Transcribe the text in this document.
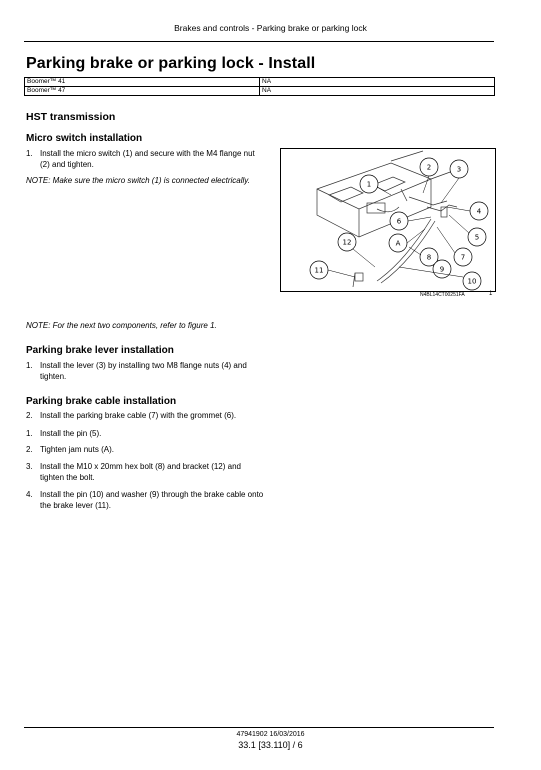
Brakes and controls - Parking brake or parking lock
Parking brake or parking lock - Install
Boomer™ 41	NA
Boomer™ 47	NA
HST transmission
Micro switch installation
1. Install the micro switch (1) and secure with the M4 flange nut (2) and tighten.
NOTE: Make sure the micro switch (1) is connected electrically.	1
2	3
4
5
6
7
8
9
10
11
12	A
N4BL14CT00251FA	1
NOTE: For the next two components, refer to figure 1.
Parking brake lever installation
1. Install the lever (3) by installing two M8 flange nuts (4) and tighten.
Parking brake cable installation
2. Install the parking brake cable (7) with the grommet (6).
1. Install the pin (5).
2. Tighten jam nuts (A).
3. Install the M10 x 20mm hex bolt (8) and bracket (12) and tighten the bolt.
4. Install the pin (10) and washer (9) through the brake cable onto the brake lever (11).
47941902 16/03/2016
33.1 [33.110] / 6
